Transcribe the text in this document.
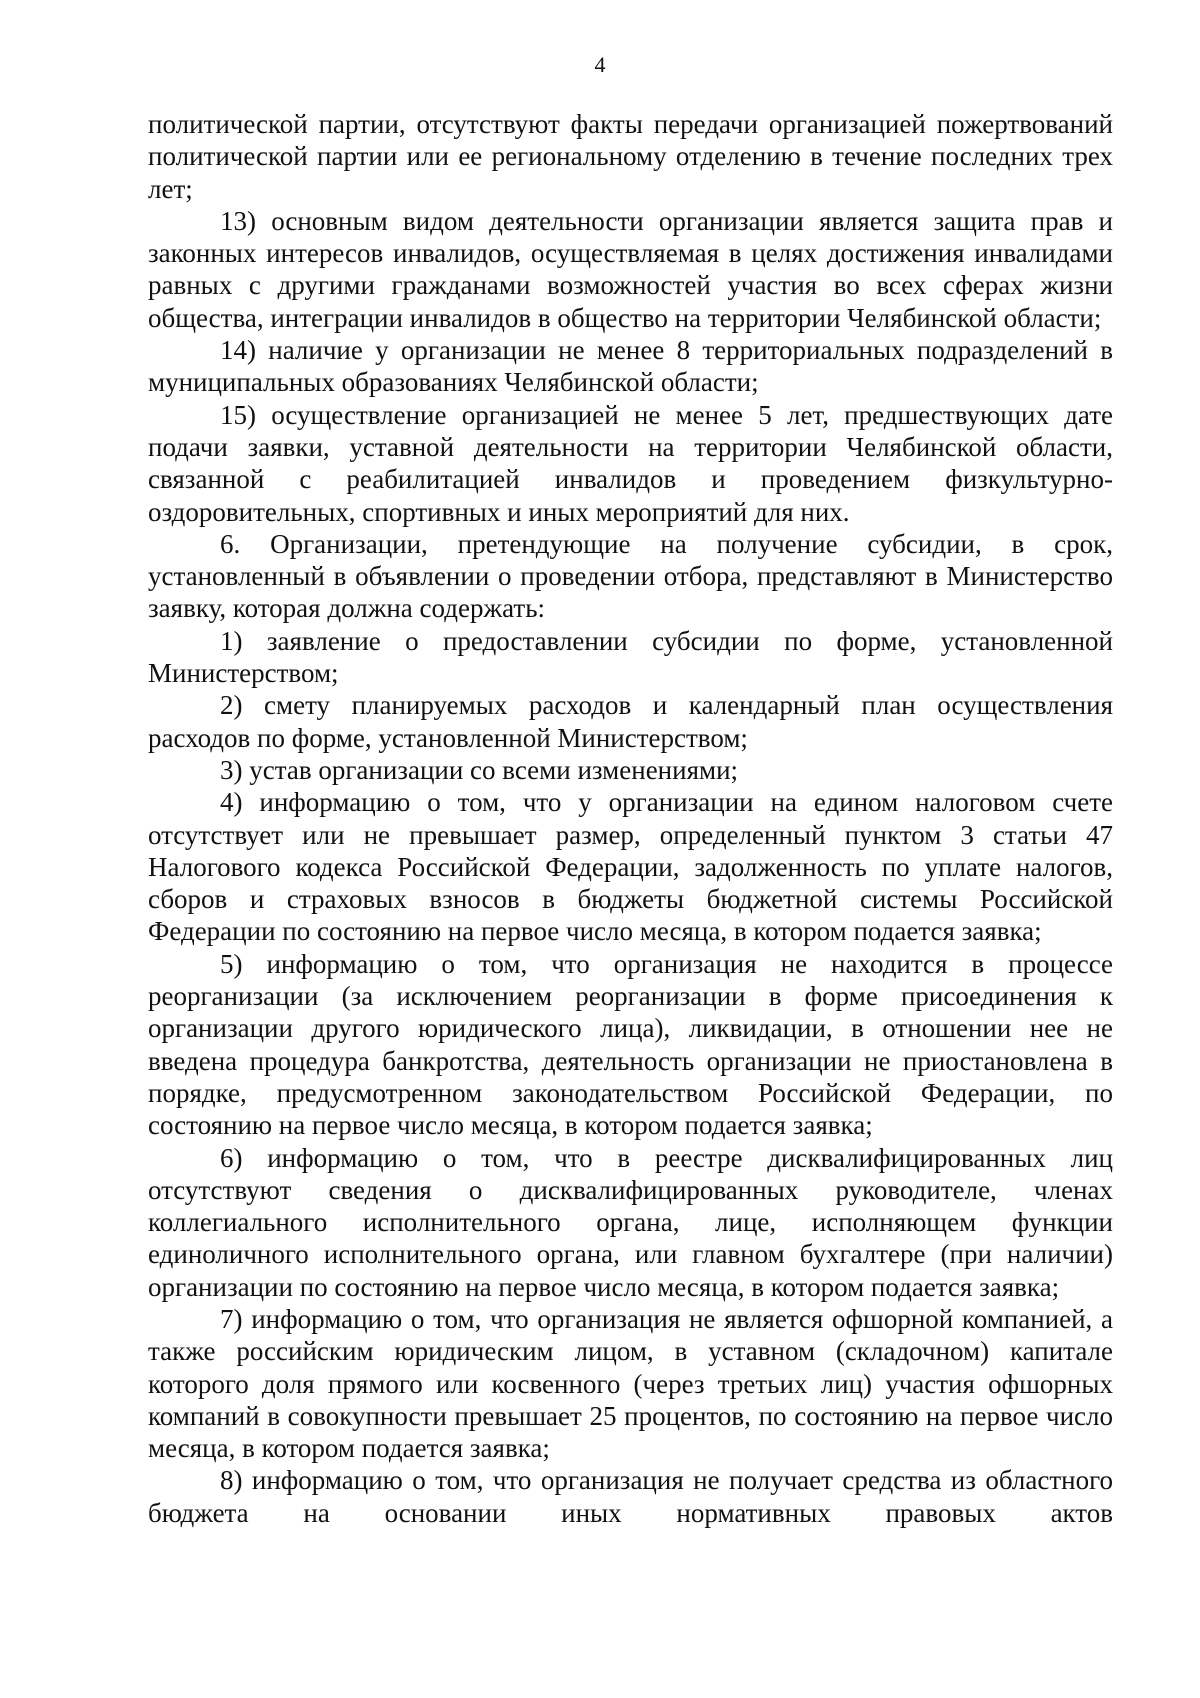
4

политической партии, отсутствуют факты передачи организацией пожертвований политической партии или ее региональному отделению в течение последних трех лет;

13) основным видом деятельности организации является защита прав и законных интересов инвалидов, осуществляемая в целях достижения инвалидами равных с другими гражданами возможностей участия во всех сферах жизни общества, интеграции инвалидов в общество на территории Челябинской области;

14) наличие у организации не менее 8 территориальных подразделений в муниципальных образованиях Челябинской области;

15) осуществление организацией не менее 5 лет, предшествующих дате подачи заявки, уставной деятельности на территории Челябинской области, связанной с реабилитацией инвалидов и проведением физкультурно-оздоровительных, спортивных и иных мероприятий для них.

6. Организации, претендующие на получение субсидии, в срок, установленный в объявлении о проведении отбора, представляют в Министерство заявку, которая должна содержать:

1) заявление о предоставлении субсидии по форме, установленной Министерством;

2) смету планируемых расходов и календарный план осуществления расходов по форме, установленной Министерством;

3) устав организации со всеми изменениями;

4) информацию о том, что у организации на едином налоговом счете отсутствует или не превышает размер, определенный пунктом 3 статьи 47 Налогового кодекса Российской Федерации, задолженность по уплате налогов, сборов и страховых взносов в бюджеты бюджетной системы Российской Федерации по состоянию на первое число месяца, в котором подается заявка;

5) информацию о том, что организация не находится в процессе реорганизации (за исключением реорганизации в форме присоединения к организации другого юридического лица), ликвидации, в отношении нее не введена процедура банкротства, деятельность организации не приостановлена в порядке, предусмотренном законодательством Российской Федерации, по состоянию на первое число месяца, в котором подается заявка;

6) информацию о том, что в реестре дисквалифицированных лиц отсутствуют сведения о дисквалифицированных руководителе, членах коллегиального исполнительного органа, лице, исполняющем функции единоличного исполнительного органа, или главном бухгалтере (при наличии) организации по состоянию на первое число месяца, в котором подается заявка;

7) информацию о том, что организация не является офшорной компанией, а также российским юридическим лицом, в уставном (складочном) капитале которого доля прямого или косвенного (через третьих лиц) участия офшорных компаний в совокупности превышает 25 процентов, по состоянию на первое число месяца, в котором подается заявка;

8) информацию о том, что организация не получает средства из областного бюджета на основании иных нормативных правовых актов
